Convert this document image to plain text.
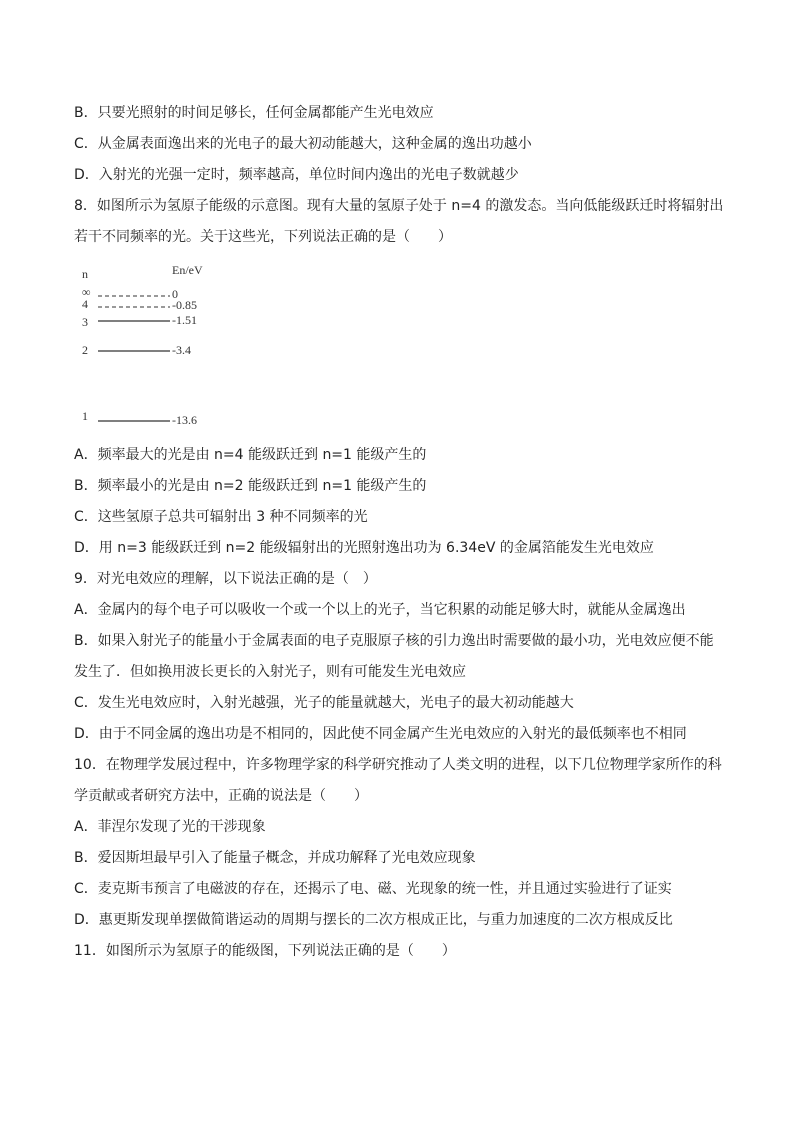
B．只要光照射的时间足够长，任何金属都能产生光电效应
C．从金属表面逸出来的光电子的最大初动能越大，这种金属的逸出功越小
D．入射光的光强一定时，频率越高，单位时间内逸出的光电子数就越少
8．如图所示为氢原子能级的示意图。现有大量的氢原子处于 n=4 的激发态。当向低能级跃迁时将辐射出
若干不同频率的光。关于这些光，下列说法正确的是（　　）
n	En/eV
∞	0
4	-0.85
3	-1.51
2	-3.4
1	-13.6
A．频率最大的光是由 n=4 能级跃迁到 n=1 能级产生的
B．频率最小的光是由 n=2 能级跃迁到 n=1 能级产生的
C．这些氢原子总共可辐射出 3 种不同频率的光
D．用 n=3 能级跃迁到 n=2 能级辐射出的光照射逸出功为 6.34eV 的金属箔能发生光电效应
9．对光电效应的理解，以下说法正确的是（　）
A．金属内的每个电子可以吸收一个或一个以上的光子，当它积累的动能足够大时，就能从金属逸出
B．如果入射光子的能量小于金属表面的电子克服原子核的引力逸出时需要做的最小功，光电效应便不能
发生了．但如换用波长更长的入射光子，则有可能发生光电效应
C．发生光电效应时，入射光越强，光子的能量就越大，光电子的最大初动能越大
D．由于不同金属的逸出功是不相同的，因此使不同金属产生光电效应的入射光的最低频率也不相同
10．在物理学发展过程中，许多物理学家的科学研究推动了人类文明的进程，以下几位物理学家所作的科
学贡献或者研究方法中，正确的说法是（　　）
A．菲涅尔发现了光的干涉现象
B．爱因斯坦最早引入了能量子概念，并成功解释了光电效应现象
C．麦克斯韦预言了电磁波的存在，还揭示了电、磁、光现象的统一性，并且通过实验进行了证实
D．惠更斯发现单摆做简谐运动的周期与摆长的二次方根成正比，与重力加速度的二次方根成反比
11．如图所示为氢原子的能级图，下列说法正确的是（　　）
